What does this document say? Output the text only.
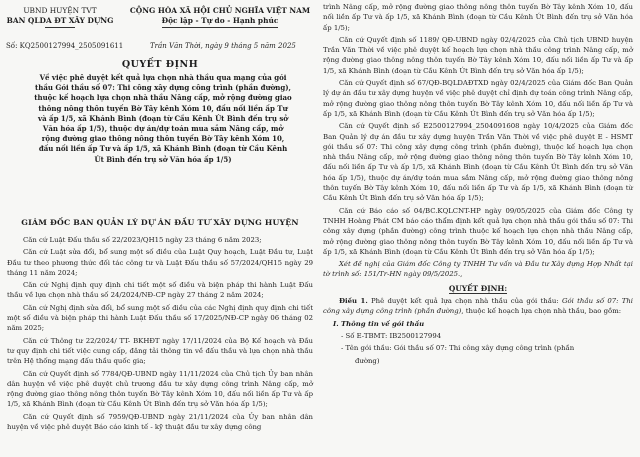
UBND HUYỆN TVT
BAN QLDA ĐT XÂY DỰNG
CỘNG HÒA XÃ HỘI CHỦ NGHĨA VIỆT NAM
Độc lập - Tự do - Hạnh phúc
Số: KQ2500127994_2505091611	Trần Văn Thời, ngày 9 tháng 5 năm 2025
QUYẾT ĐỊNH
Về việc phê duyệt kết quả lựa chọn nhà thầu qua mạng của gói thầu Gói thầu số 07: Thi công xây dựng công trình (phần đường), thuộc kế hoạch lựa chọn nhà thầu Nâng cấp, mở rộng đường giao thông nông thôn tuyến Bờ Tây kênh Xóm 10, đấu nối liền ấp Tư và ấp 1/5, xã Khánh Bình (đoạn từ Cầu Kênh Út Bình đến trụ sở Văn hóa ấp 1/5), thuộc dự án/dự toán mua sắm Nâng cấp, mở rộng đường giao thông nông thôn tuyến Bờ Tây kênh Xóm 10, đấu nối liền ấp Tư và ấp 1/5, xã Khánh Bình (đoạn từ Cầu Kênh Út Bình đến trụ sở Văn hóa ấp 1/5)
GIÁM ĐỐC BAN QUẢN LÝ DỰ ÁN ĐẦU TƯ XÂY DỰNG HUYỆN

Căn cứ Luật Đấu thầu số 22/2023/QH15 ngày 23 tháng 6 năm 2023;

Căn cứ Luật sửa đổi, bổ sung một số điều của Luật Quy hoạch, Luật Đầu tư, Luật Đầu tư theo phương thức đối tác công tư và Luật Đấu thầu số 57/2024/QH15 ngày 29 tháng 11 năm 2024;

Căn cứ Nghị định quy định chi tiết một số điều và biện pháp thi hành Luật Đấu thầu về lựa chọn nhà thầu số 24/2024/NĐ-CP ngày 27 tháng 2 năm 2024;

Căn cứ Nghị định sửa đổi, bổ sung một số điều của các Nghị định quy định chi tiết một số điều và biện pháp thi hành Luật Đấu thầu số 17/2025/NĐ-CP ngày 06 tháng 02 năm 2025;

Căn cứ Thông tư 22/2024/ TT- BKHĐT ngày 17/11/2024 của Bộ Kế hoạch và Đầu tư quy định chi tiết việc cung cấp, đăng tải thông tin về đấu thầu và lựa chọn nhà thầu trên Hệ thống mạng đấu thầu quốc gia;

Căn cứ Quyết định số 7784/QĐ-UBND ngày 11/11/2024 của Chủ tịch Ủy ban nhân dân huyện về việc phê duyệt chủ trương đầu tư xây dựng công trình Nâng cấp, mở rộng đường giao thông nông thôn tuyến Bờ Tây kênh Xóm 10, đấu nối liền ấp Tư và ấp 1/5, xã Khánh Bình (đoạn từ Cầu Kênh Út Bình đến trụ sở Văn hóa ấp 1/5);

Căn cứ Quyết định số 7959/QĐ-UBND ngày 21/11/2024 của Ủy ban nhân dân huyện về việc phê duyệt Báo cáo kinh tế - kỹ thuật đầu tư xây dựng công

trình Nâng cấp, mở rộng đường giao thông nông thôn tuyến Bờ Tây kênh Xóm 10, đấu nối liền ấp Tư và ấp 1/5, xã Khánh Bình (đoạn từ Cầu Kênh Út Bình đến trụ sở Văn hóa ấp 1/5);

Căn cứ Quyết định số 1189/ QĐ-UBND ngày 02/4/2025 của Chủ tịch UBND huyện Trần Văn Thời về việc phê duyệt kế hoạch lựa chọn nhà thầu công trình Nâng cấp, mở rộng đường giao thông nông thôn tuyến Bờ Tây kênh Xóm 10, đấu nối liền ấp Tư và ấp 1/5, xã Khánh Bình (đoạn từ Cầu Kênh Út Bình đến trụ sở Văn hóa ấp 1/5);

Căn cứ Quyết định số 67/QĐ-BQLDAĐTXD ngày 02/4/2025 của Giám đốc Ban Quản lý dự án đầu tư xây dựng huyện về việc phê duyệt chỉ định dự toán công trình Nâng cấp, mở rộng đường giao thông nông thôn tuyến Bờ Tây kênh Xóm 10, đấu nối liền ấp Tư và ấp 1/5, xã Khánh Bình (đoạn từ Cầu Kênh Út Bình đến trụ sở Văn hóa ấp 1/5);

Căn cứ Quyết định số E2500127994_2504091608 ngày 10/4/2025 của Giám đốc Ban Quản lý dự án đầu tư xây dựng huyện Trần Văn Thời về việc phê duyệt E - HSMT gói thầu số 07: Thi công xây dựng công trình (phần đường), thuộc kế hoạch lựa chọn nhà thầu Nâng cấp, mở rộng đường giao thông nông thôn tuyến Bờ Tây kênh Xóm 10, đấu nối liền ấp Tư và ấp 1/5, xã Khánh Bình (đoạn từ Cầu Kênh Út Bình đến trụ sở Văn hóa ấp 1/5), thuộc dự án/dự toán mua sắm Nâng cấp, mở rộng đường giao thông nông thôn tuyến Bờ Tây kênh Xóm 10, đấu nối liền ấp Tư và ấp 1/5, xã Khánh Bình (đoạn từ Cầu Kênh Út Bình đến trụ sở Văn hóa ấp 1/5);

Căn cứ Báo cáo số 04/BC.KQLCNT-HP ngày 09/05/2025 của Giám đốc Công ty TNHH Hoàng Phát CM báo cáo thẩm định kết quả lựa chọn nhà thầu gói thầu số 07: Thi công xây dựng (phần đường) công trình thuộc kế hoạch lựa chọn nhà thầu Nâng cấp, mở rộng đường giao thông nông thôn tuyến Bờ Tây kênh Xóm 10, đấu nối liền ấp Tư và ấp 1/5, xã Khánh Bình (đoạn từ Cầu Kênh Út Bình đến trụ sở Văn hóa ấp 1/5);

Xét đề nghị của Giám đốc Công ty TNHH Tư vấn và Đầu tư Xây dựng Hợp Nhất tại tờ trình số: 151/Tr-HN ngày 09/5/2025.,

QUYẾT ĐỊNH:

Điều 1. Phê duyệt kết quả lựa chọn nhà thầu của gói thầu: Gói thầu số 07: Thi công xây dựng công trình (phần đường), thuộc kế hoạch lựa chọn nhà thầu, bao gồm:

I. Thông tin về gói thầu

- Số E-TBMT: IB2500127994

- Tên gói thầu: Gói thầu số 07: Thi công xây dựng công trình (phần

đường)
